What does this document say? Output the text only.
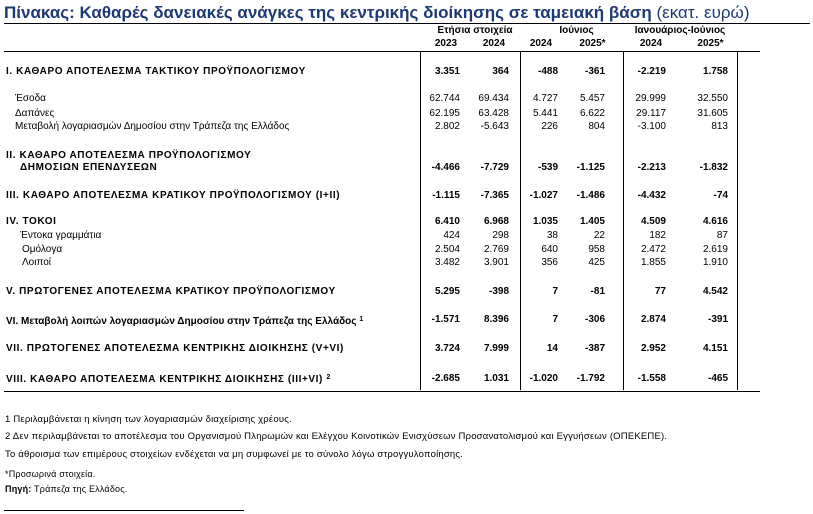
Πίνακας: Καθαρές δανειακές ανάγκες της κεντρικής διοίκησης σε ταμειακή βάση (εκατ. ευρώ)
Ετήσια στοιχεία	Ιούνιος	Ιανουάριος-Ιούνιος
2023	2024	2024	2025*	2024	2025*
I. ΚΑΘΑΡΟ ΑΠΟΤΕΛΕΣΜΑ ΤΑΚΤΙΚΟΥ ΠΡΟΫΠΟΛΟΓΙΣΜΟΥ	3.351	364	-488	-361	-2.219	1.758
Έσοδα	62.744	69.434	4.727	5.457	29.999	32.550
Δαπάνες	62.195	63.428	5.441	6.622	29.117	31.605
Μεταβολή λογαριασμών Δημοσίου στην Τράπεζα της Ελλάδος	2.802	-5.643	226	804	-3.100	813
II. ΚΑΘΑΡΟ ΑΠΟΤΕΛΕΣΜΑ ΠΡΟΫΠΟΛΟΓΙΣΜΟΥ
ΔΗΜΟΣΙΩΝ ΕΠΕΝΔΥΣΕΩΝ	-4.466	-7.729	-539	-1.125	-2.213	-1.832
III. ΚΑΘΑΡΟ ΑΠΟΤΕΛΕΣΜΑ ΚΡΑΤΙΚΟΥ ΠΡΟΫΠΟΛΟΓΙΣΜΟΥ (I+II)	-1.115	-7.365	-1.027	-1.486	-4.432	-74
IV. ΤΟΚΟΙ	6.410	6.968	1.035	1.405	4.509	4.616
Έντοκα γραμμάτια	424	298	38	22	182	87
Ομόλογα	2.504	2.769	640	958	2.472	2.619
Λοιποί	3.482	3.901	356	425	1.855	1.910
V. ΠΡΩΤΟΓΕΝΕΣ ΑΠΟΤΕΛΕΣΜΑ ΚΡΑΤΙΚΟΥ ΠΡΟΫΠΟΛΟΓΙΣΜΟΥ	5.295	-398	7	-81	77	4.542
VI. Μεταβολή λοιπών λογαριασμών Δημοσίου στην Τράπεζα της Ελλάδος $^1$	-1.571	8.396	7	-306	2.874	-391
VII. ΠΡΩΤΟΓΕΝΕΣ ΑΠΟΤΕΛΕΣΜΑ ΚΕΝΤΡΙΚΗΣ ΔΙΟΙΚΗΣΗΣ (V+VI)	3.724	7.999	14	-387	2.952	4.151
VIII. ΚΑΘΑΡΟ ΑΠΟΤΕΛΕΣΜΑ ΚΕΝΤΡΙΚΗΣ ΔΙΟΙΚΗΣΗΣ (III+VI) $^2$	-2.685	1.031	-1.020	-1.792	-1.558	-465
1 Περιλαμβάνεται η κίνηση των λογαριασμών διαχείρισης χρέους.
2 Δεν περιλαμβάνεται το αποτέλεσμα του Οργανισμού Πληρωμών και Ελέγχου Κοινοτικών Ενισχύσεων Προσανατολισμού και Εγγυήσεων (ΟΠΕΚΕΠΕ).
Το άθροισμα των επιμέρους στοιχείων ενδέχεται να μη συμφωνεί με το σύνολο λόγω στρογγυλοποίησης.
*Προσωρινά στοιχεία.
Πηγή: Τράπεζα της Ελλάδος.
